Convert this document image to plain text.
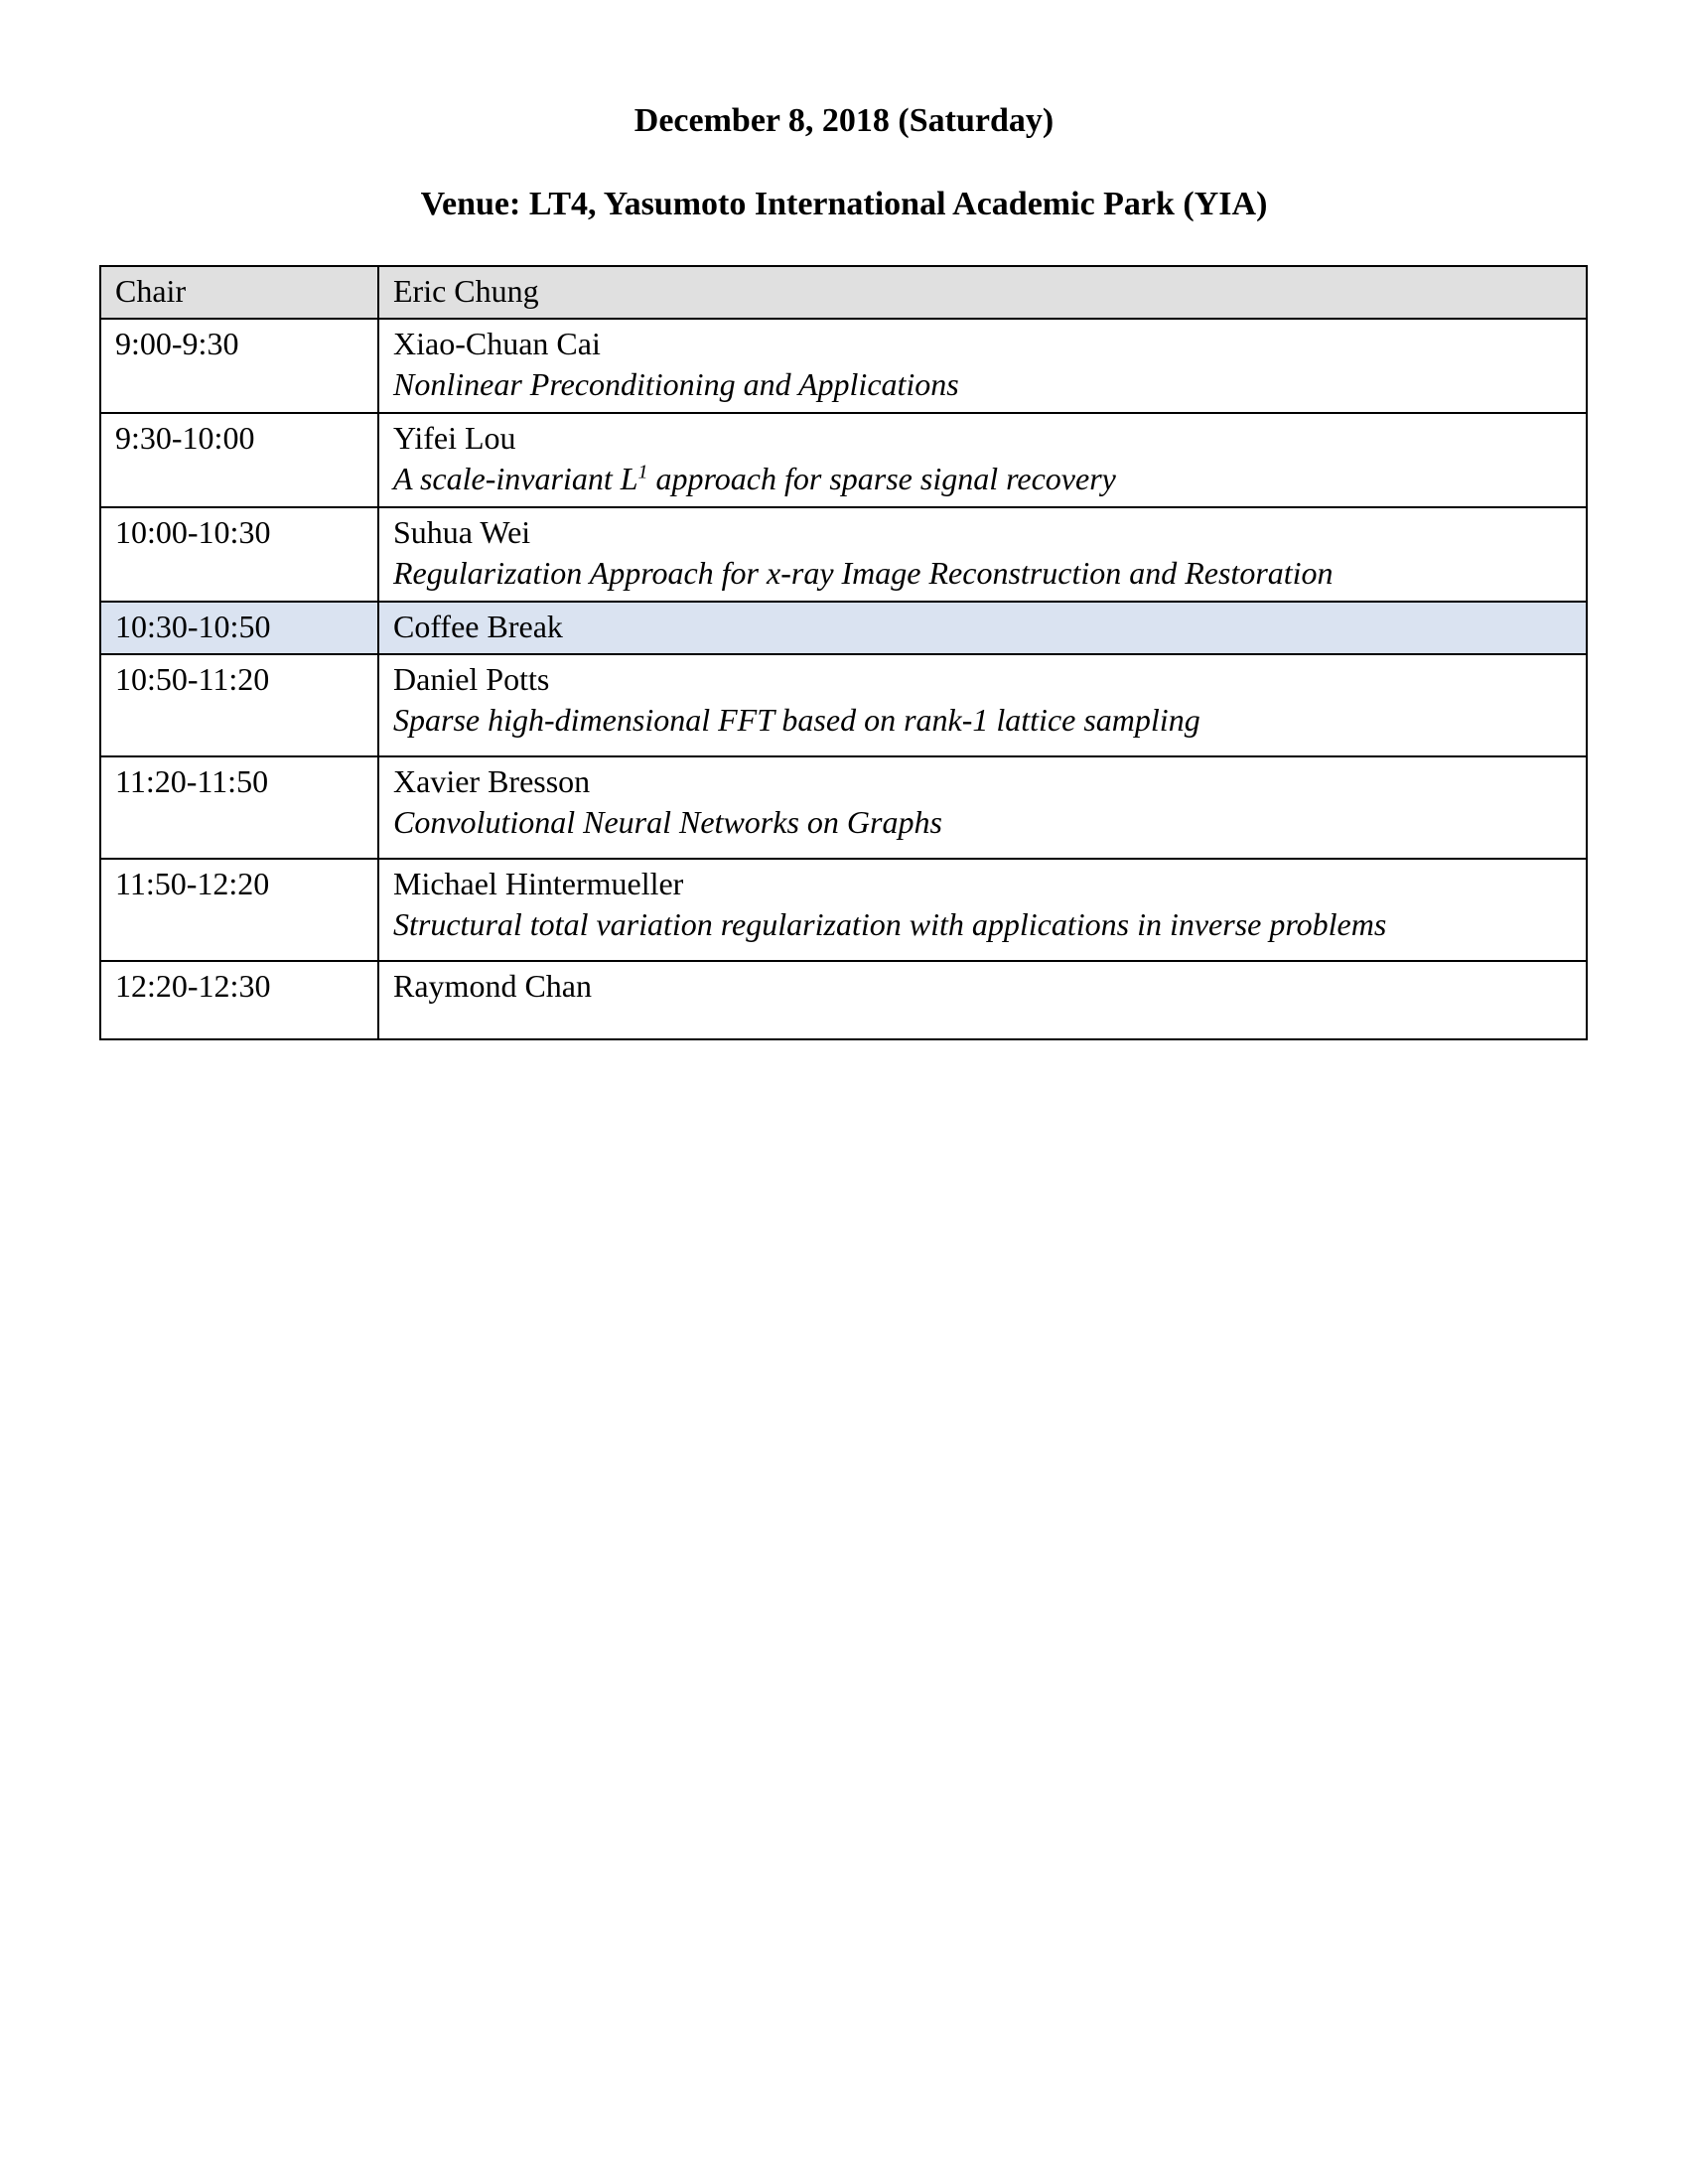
December 8, 2018 (Saturday)
Venue: LT4, Yasumoto International Academic Park (YIA)
Chair	Eric Chung
9:00-9:30	Xiao-Chuan Cai
Nonlinear Preconditioning and Applications

9:30-10:00	Yifei Lou
A scale-invariant $L^1$ approach for sparse signal recovery

10:00-10:30	Suhua Wei
Regularization Approach for x-ray Image Reconstruction and Restoration

10:30-10:50	Coffee Break
10:50-11:20	Daniel Potts
Sparse high-dimensional FFT based on rank-1 lattice sampling

11:20-11:50	Xavier Bresson
Convolutional Neural Networks on Graphs

11:50-12:20	Michael Hintermueller
Structural total variation regularization with applications in inverse problems

12:20-12:30	Raymond Chan
